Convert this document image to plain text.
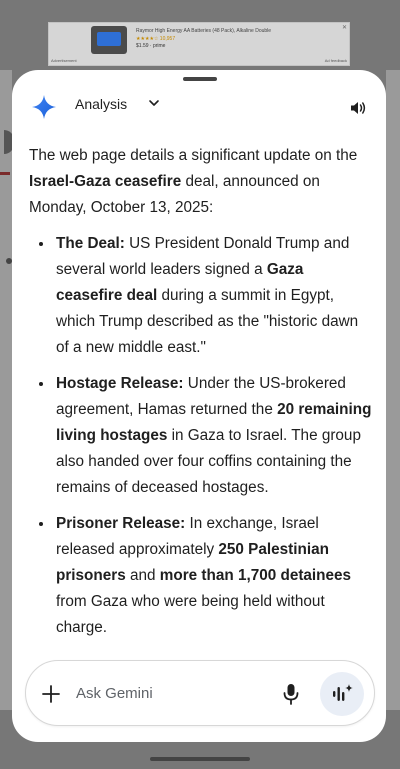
Raymor High Energy AA Batteries (48 Pack), Alkaline Double
★★★★☆ 10,957
$1.59 · prime
Advertisement	Ad feedback
✕
Analysis

The web page details a significant update on the Israel-Gaza ceasefire deal, announced on Monday, October 13, 2025:

The Deal: US President Donald Trump and several world leaders signed a Gaza ceasefire deal during a summit in Egypt, which Trump described as the "historic dawn of a new middle east."
Hostage Release: Under the US-brokered agreement, Hamas returned the 20 remaining living hostages in Gaza to Israel. The group also handed over four coffins containing the remains of deceased hostages.
Prisoner Release: In exchange, Israel released approximately 250 Palestinian prisoners and more than 1,700 detainees from Gaza who were being held without charge.
Ask Gemini
